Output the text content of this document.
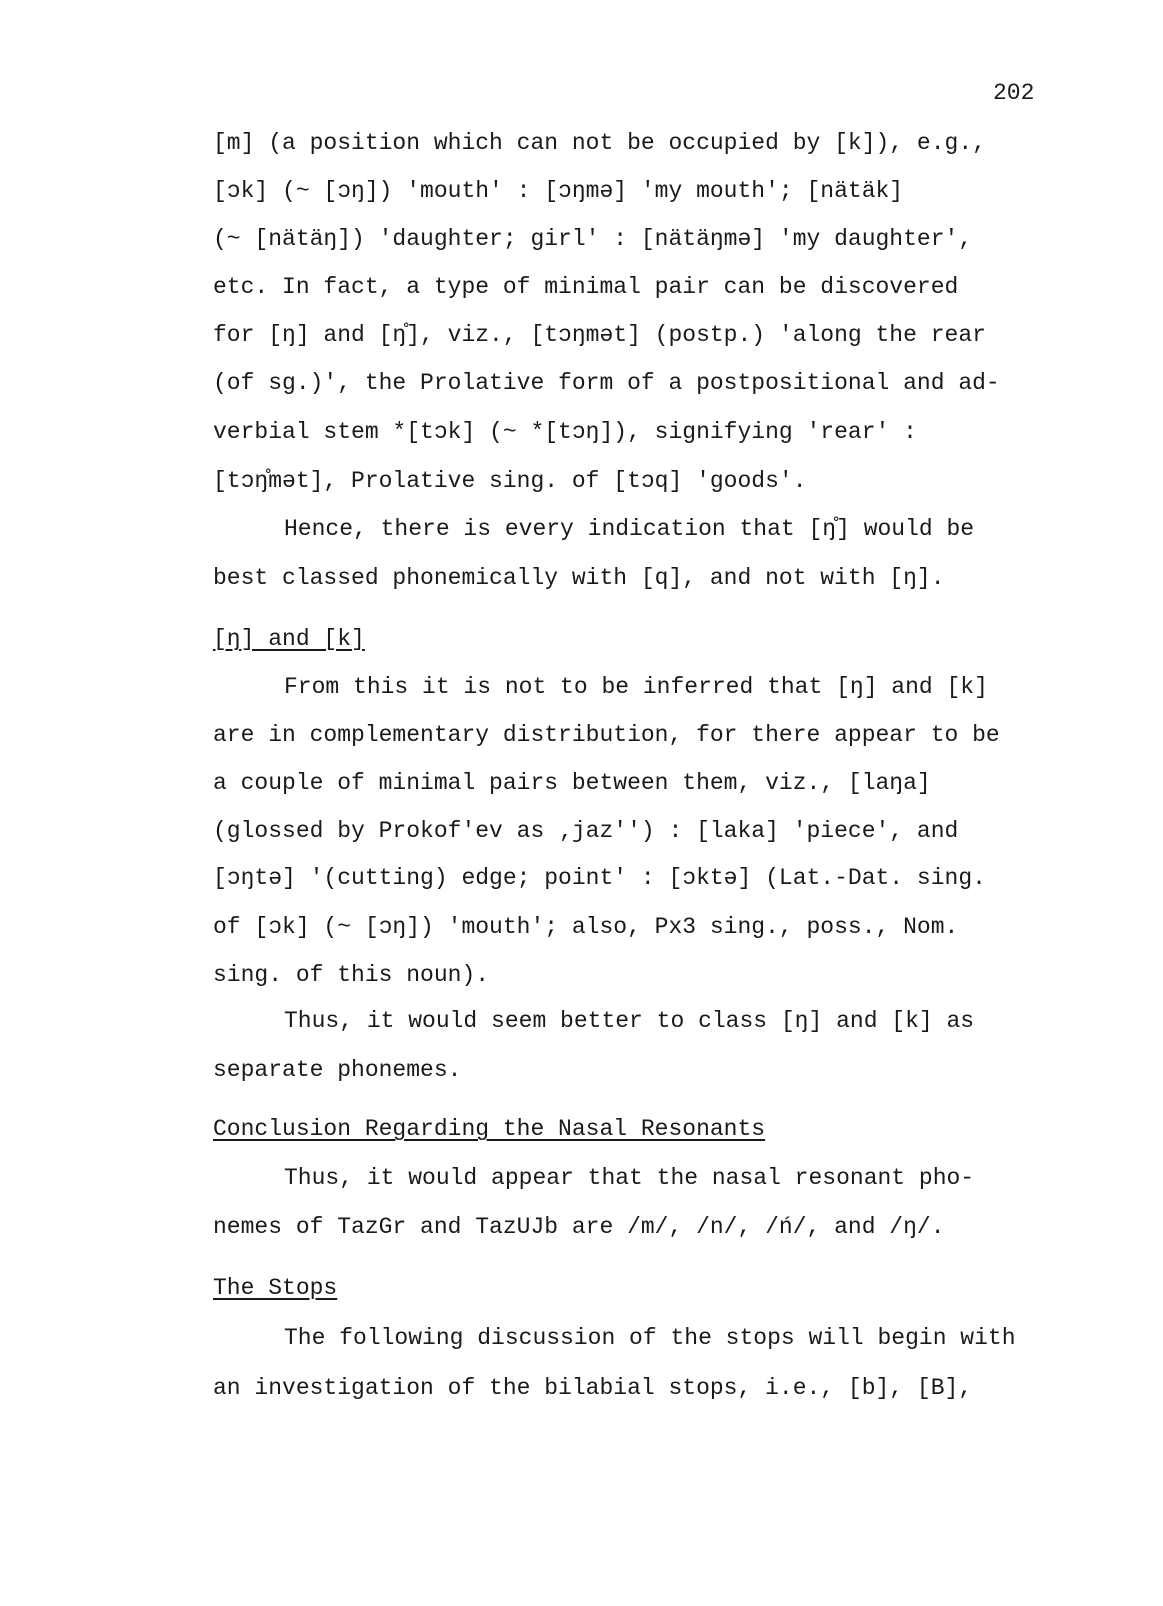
202
[m] (a position which can not be occupied by [k]), e.g.,
[ɔk] (~ [ɔŋ]) 'mouth' : [ɔŋmə] 'my mouth'; [nätäk]
(~ [nätäŋ]) 'daughter; girl' : [nätäŋmə] 'my daughter',
etc. In fact, a type of minimal pair can be discovered
for [ŋ] and [ŋ̊], viz., [tɔŋmət] (postp.) 'along the rear
(of sg.)', the Prolative form of a postpositional and ad-
verbial stem *[tɔk] (~ *[tɔŋ]), signifying 'rear' :
[tɔŋ̊mət], Prolative sing. of [tɔq] 'goods'.
Hence, there is every indication that [ŋ̊] would be
best classed phonemically with [q], and not with [ŋ].
[ŋ] and [k]
From this it is not to be inferred that [ŋ] and [k]
are in complementary distribution, for there appear to be
a couple of minimal pairs between them, viz., [laŋa]
(glossed by Prokof'ev as ‚jaz'') : [laka] 'piece', and
[ɔŋtə] '(cutting) edge; point' : [ɔktə] (Lat.-Dat. sing.
of [ɔk] (~ [ɔŋ]) 'mouth'; also, Px3 sing., poss., Nom.
sing. of this noun).
Thus, it would seem better to class [ŋ] and [k] as
separate phonemes.
Conclusion Regarding the Nasal Resonants
Thus, it would appear that the nasal resonant pho-
nemes of TazGr and TazUJb are /m/, /n/, /ń/, and /ŋ/.
The Stops
The following discussion of the stops will begin with
an investigation of the bilabial stops, i.e., [b], [B],
